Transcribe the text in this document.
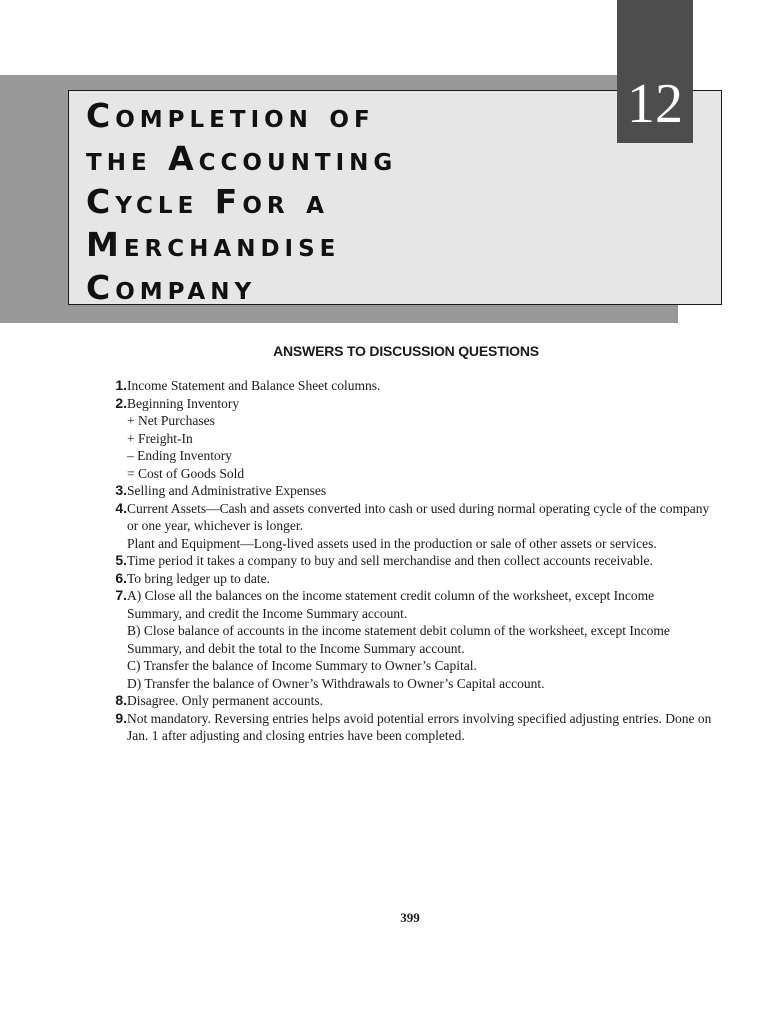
12
Completion of
the Accounting
Cycle For a
Merchandise
Company
ANSWERS TO DISCUSSION QUESTIONS
1. Income Statement and Balance Sheet columns.
2. Beginning Inventory
+ Net Purchases
+ Freight-In
– Ending Inventory
= Cost of Goods Sold
3. Selling and Administrative Expenses
4. Current Assets—Cash and assets converted into cash or used during normal operating cycle of the company
or one year, whichever is longer.
Plant and Equipment—Long-lived assets used in the production or sale of other assets or services.
5. Time period it takes a company to buy and sell merchandise and then collect accounts receivable.
6. To bring ledger up to date.
7. A) Close all the balances on the income statement credit column of the worksheet, except Income
Summary, and credit the Income Summary account.
B) Close balance of accounts in the income statement debit column of the worksheet, except Income
Summary, and debit the total to the Income Summary account.
C) Transfer the balance of Income Summary to Owner’s Capital.
D) Transfer the balance of Owner’s Withdrawals to Owner’s Capital account.
8. Disagree. Only permanent accounts.
9. Not mandatory. Reversing entries helps avoid potential errors involving specified adjusting entries. Done on
Jan. 1 after adjusting and closing entries have been completed.
399
